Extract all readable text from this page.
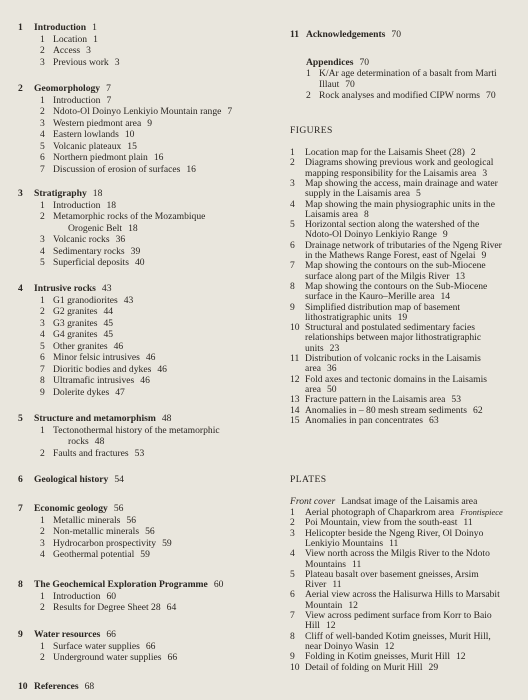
1 Introduction 1
1 Location 1
2 Access 3
3 Previous work 3
2 Geomorphology 7
1 Introduction 7
2 Ndoto-Ol Doinyo Lenkiyio Mountain range 7
3 Western piedmont area 9
4 Eastern lowlands 10
5 Volcanic plateaux 15
6 Northern piedmont plain 16
7 Discussion of erosion of surfaces 16
3 Stratigraphy 18
1 Introduction 18
2 Metamorphic rocks of the Mozambique
Orogenic Belt 18
3 Volcanic rocks 36
4 Sedimentary rocks 39
5 Superficial deposits 40
4 Intrusive rocks 43
1 G1 granodiorites 43
2 G2 granites 44
3 G3 granites 45
4 G4 granites 45
5 Other granites 46
6 Minor felsic intrusives 46
7 Dioritic bodies and dykes 46
8 Ultramafic intrusives 46
9 Dolerite dykes 47
5 Structure and metamorphism 48
1 Tectonothermal history of the metamorphic
rocks 48
2 Faults and fractures 53
6 Geological history 54
7 Economic geology 56
1 Metallic minerals 56
2 Non-metallic minerals 56
3 Hydrocarbon prospectivity 59
4 Geothermal potential 59
8 The Geochemical Exploration Programme 60
1 Introduction 60
2 Results for Degree Sheet 28 64
9 Water resources 66
1 Surface water supplies 66
2 Underground water supplies 66
10 References 68
11 Acknowledgements 70
Appendices 70
1 K/Ar age determination of a basalt from Marti
Illaut 70
2 Rock analyses and modified CIPW norms 70
FIGURES
1 Location map for the Laisamis Sheet (28) 2
2 Diagrams showing previous work and geological
mapping responsibility for the Laisamis area 3
3 Map showing the access, main drainage and water
supply in the Laisamis area 5
4 Map showing the main physiographic units in the
Laisamis area 8
5 Horizontal section along the watershed of the
Ndoto-Ol Doinyo Lenkiyio Range 9
6 Drainage network of tributaries of the Ngeng River
in the Mathews Range Forest, east of Ngelai 9
7 Map showing the contours on the sub-Miocene
surface along part of the Milgis River 13
8 Map showing the contours on the Sub-Miocene
surface in the Kauro–Merille area 14
9 Simplified distribution map of basement
lithostratigraphic units 19
10 Structural and postulated sedimentary facies
relationships between major lithostratigraphic
units 23
11 Distribution of volcanic rocks in the Laisamis
area 36
12 Fold axes and tectonic domains in the Laisamis
area 50
13 Fracture pattern in the Laisamis area 53
14 Anomalies in – 80 mesh stream sediments 62
15 Anomalies in pan concentrates 63
PLATES
Front cover Landsat image of the Laisamis area
1 Aerial photograph of Chaparkrom area Frontispiece
2 Poi Mountain, view from the south-east 11
3 Helicopter beside the Ngeng River, Ol Doinyo
Lenkiyio Mountains 11
4 View north across the Milgis River to the Ndoto
Mountains 11
5 Plateau basalt over basement gneisses, Arsim
River 11
6 Aerial view across the Halisurwa Hills to Marsabit
Mountain 12
7 View across pediment surface from Korr to Baio
Hill 12
8 Cliff of well-banded Kotim gneisses, Murit Hill,
near Doinyo Wasin 12
9 Folding in Kotim gneisses, Murit Hill 12
10 Detail of folding on Murit Hill 29
